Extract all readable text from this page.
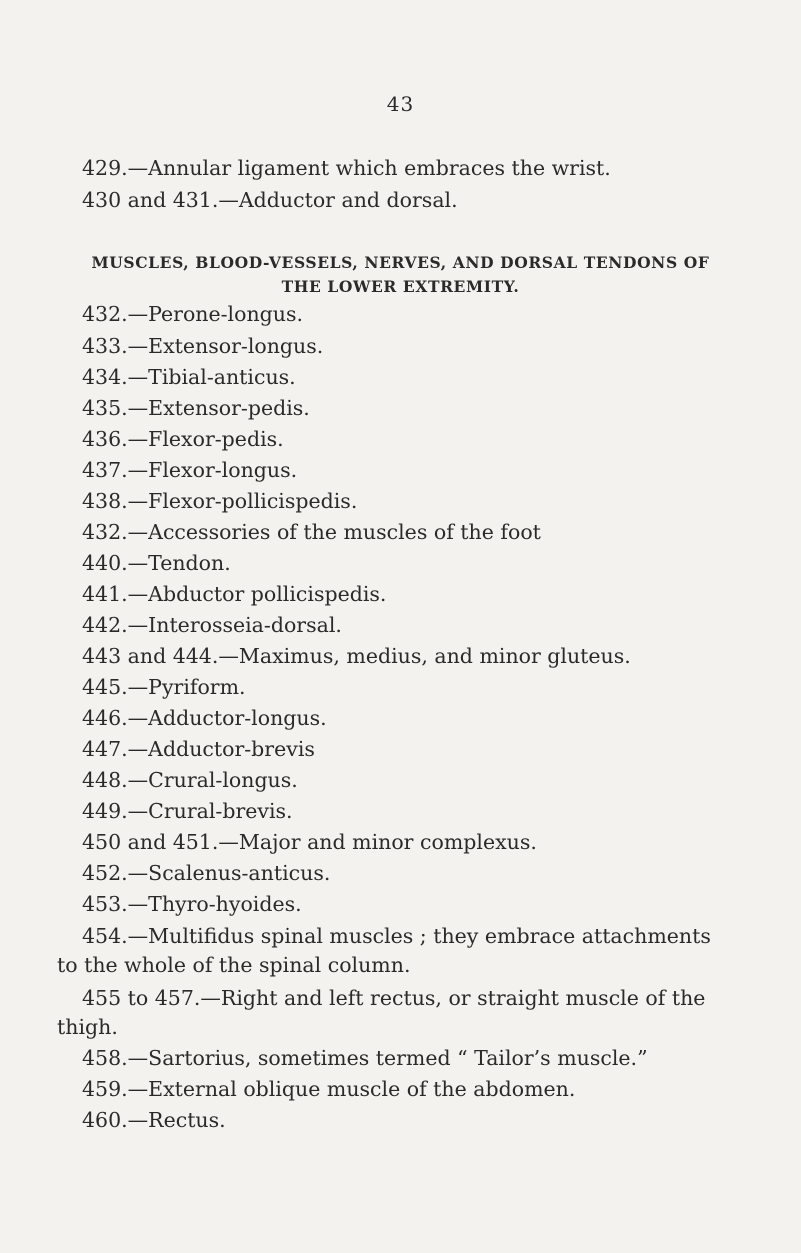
43
429.—Annular ligament which embraces the wrist.
430 and 431.—Adductor and dorsal.
MUSCLES, BLOOD-VESSELS, NERVES, AND DORSAL TENDONS OF
THE LOWER EXTREMITY.
432.—Perone-longus.
433.—Extensor-longus.
434.—Tibial-anticus.
435.—Extensor-pedis.
436.—Flexor-pedis.
437.—Flexor-longus.
438.—Flexor-pollicispedis.
432.—Accessories of the muscles of the foot
440.—Tendon.
441.—Abductor pollicispedis.
442.—Interosseia-dorsal.
443 and 444.—Maximus, medius, and minor gluteus.
445.—Pyriform.
446.—Adductor-longus.
447.—Adductor-brevis
448.—Crural-longus.
449.—Crural-brevis.
450 and 451.—Major and minor complexus.
452.—Scalenus-anticus.
453.—Thyro-hyoides.
454.—Multifidus spinal muscles ; they embrace attachments
to the whole of the spinal column.
455 to 457.—Right and left rectus, or straight muscle of the
thigh.
458.—Sartorius, sometimes termed “ Tailor’s muscle.”
459.—External oblique muscle of the abdomen.
460.—Rectus.
